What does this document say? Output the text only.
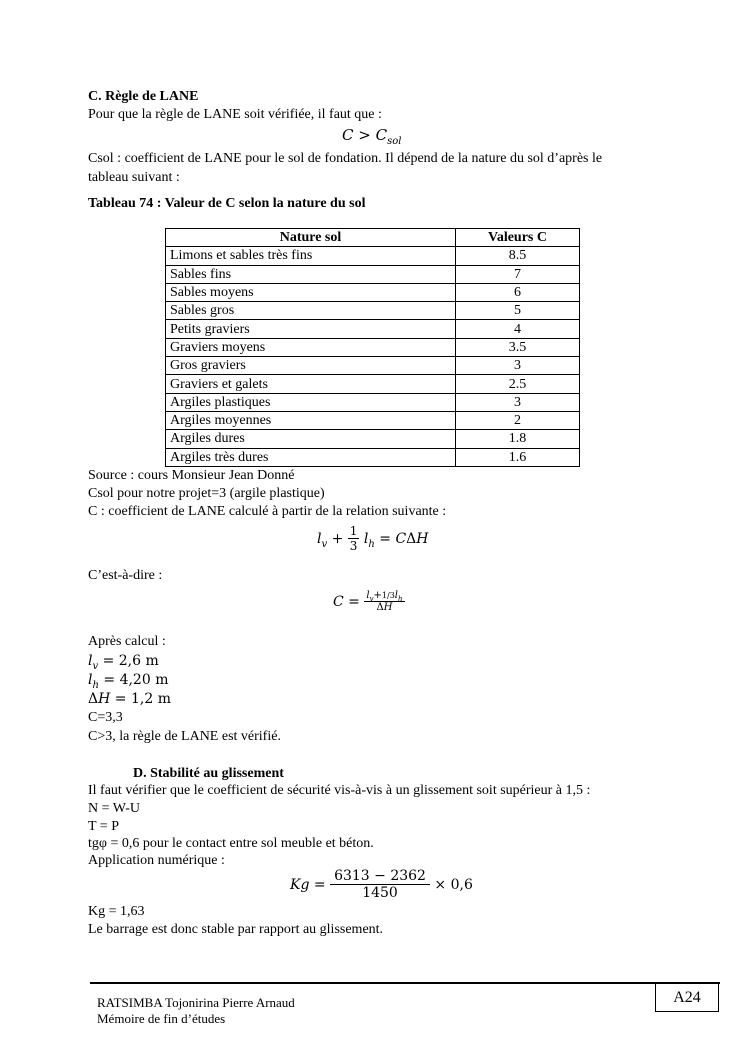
C. Règle de LANE
Pour que la règle de LANE soit vérifiée, il faut que :
$C > C_{sol}$
Csol : coefficient de LANE pour le sol de fondation. Il dépend de la nature du sol d’après le
tableau suivant :
Tableau 74 : Valeur de C selon la nature du sol
Nature sol	Valeurs C
Limons et sables très fins	8.5
Sables fins	7
Sables moyens	6
Sables gros	5
Petits graviers	4
Graviers moyens	3.5
Gros graviers	3
Graviers et galets	2.5
Argiles plastiques	3
Argiles moyennes	2
Argiles dures	1.8
Argiles très dures	1.6
Source : cours Monsieur Jean Donné
Csol pour notre projet=3 (argile plastique)
C : coefficient de LANE calculé à partir de la relation suivante :
$l_v + \frac{1}{3} l_h = C$ Δ H
C’est-à-dire :
$C = \frac{l_v+1/3l_h}{\Delta H}$
Après calcul :
$l_v = 2,6$ m
$l_h = 4,20$ m
ΔH = 1,2 m
C=3,3
C>3, la règle de LANE est vérifié.
D. Stabilité au glissement
Il faut vérifier que le coefficient de sécurité vis-à-vis à un glissement soit supérieur à 1,5 :
N = W-U
T = P
tgφ = 0,6 pour le contact entre sol meuble et béton.
Application numérique :
$Kg = \frac{6313 - 2362}{1450}$
× 0,6
Kg = 1,63
Le barrage est donc stable par rapport au glissement.
A24
RATSIMBA Tojonirina Pierre Arnaud
Mémoire de fin d’études
